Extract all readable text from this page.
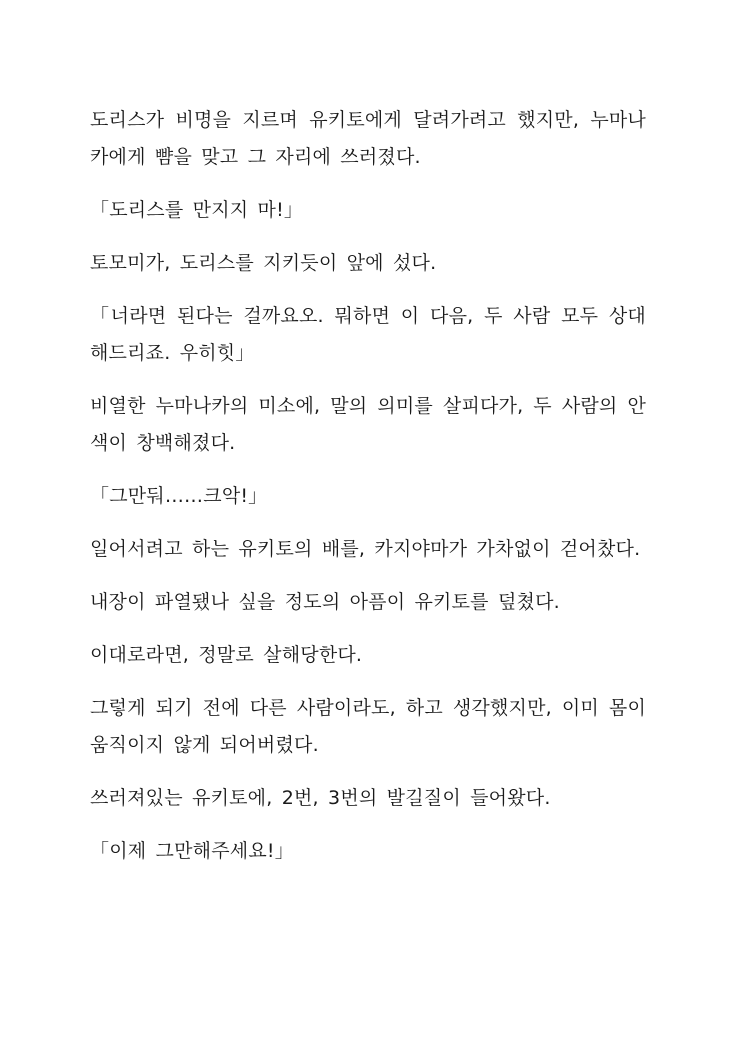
도리스가 비명을 지르며 유키토에게 달려가려고 했지만, 누마나카에게 뺨을 맞고 그 자리에 쓰러졌다.

「도리스를 만지지 마!」

토모미가, 도리스를 지키듯이 앞에 섰다.

「너라면 된다는 걸까요오. 뭐하면 이 다음, 두 사람 모두 상대해드리죠. 우히힛」

비열한 누마나카의 미소에, 말의 의미를 살피다가, 두 사람의 안색이 창백해졌다.

「그만둬……크악!」

일어서려고 하는 유키토의 배를, 카지야마가 가차없이 걷어찼다.

내장이 파열됐나 싶을 정도의 아픔이 유키토를 덮쳤다.

이대로라면, 정말로 살해당한다.

그렇게 되기 전에 다른 사람이라도, 하고 생각했지만, 이미 몸이 움직이지 않게 되어버렸다.

쓰러져있는 유키토에, 2번, 3번의 발길질이 들어왔다.

「이제 그만해주세요!」
